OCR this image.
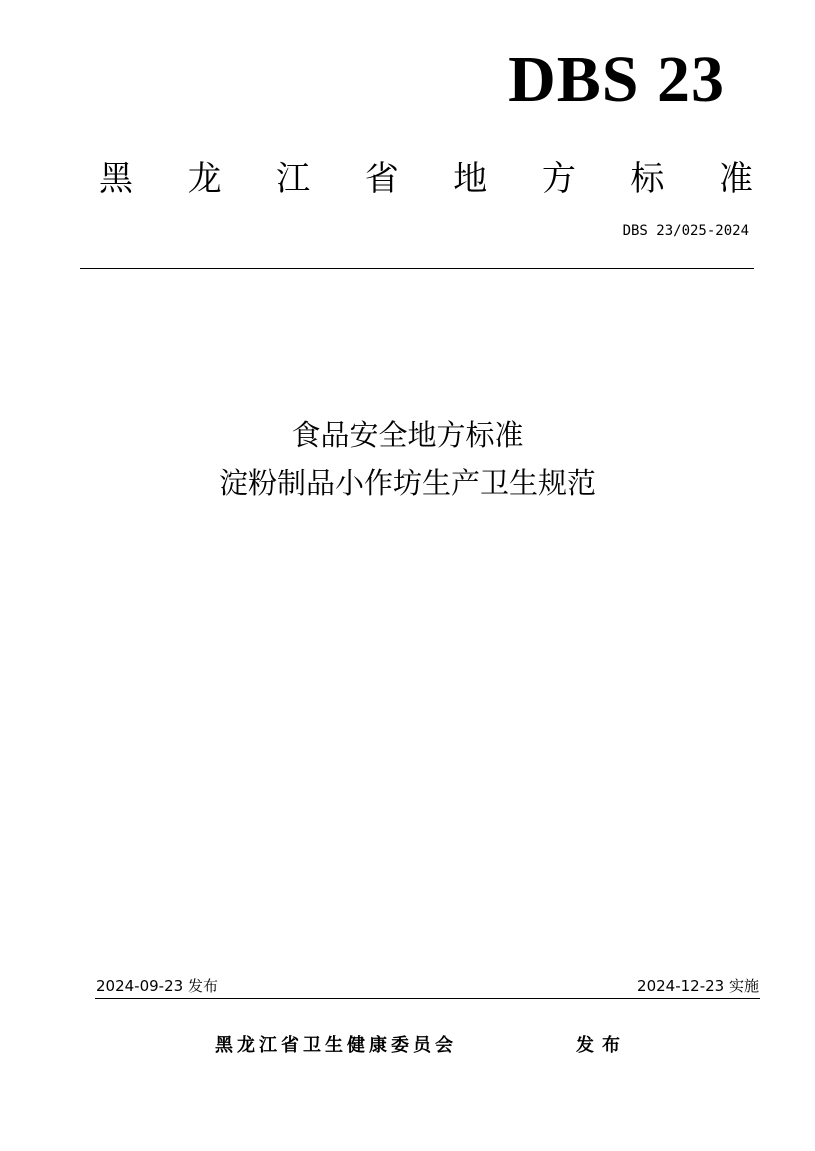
DBS 23
黑 龙 江 省 地 方 标 准
DBS 23/025-2024
食品安全地方标准
淀粉制品小作坊生产卫生规范
2024-09-23 发布	2024-12-23 实施
黑龙江省卫生健康委员会	发布
